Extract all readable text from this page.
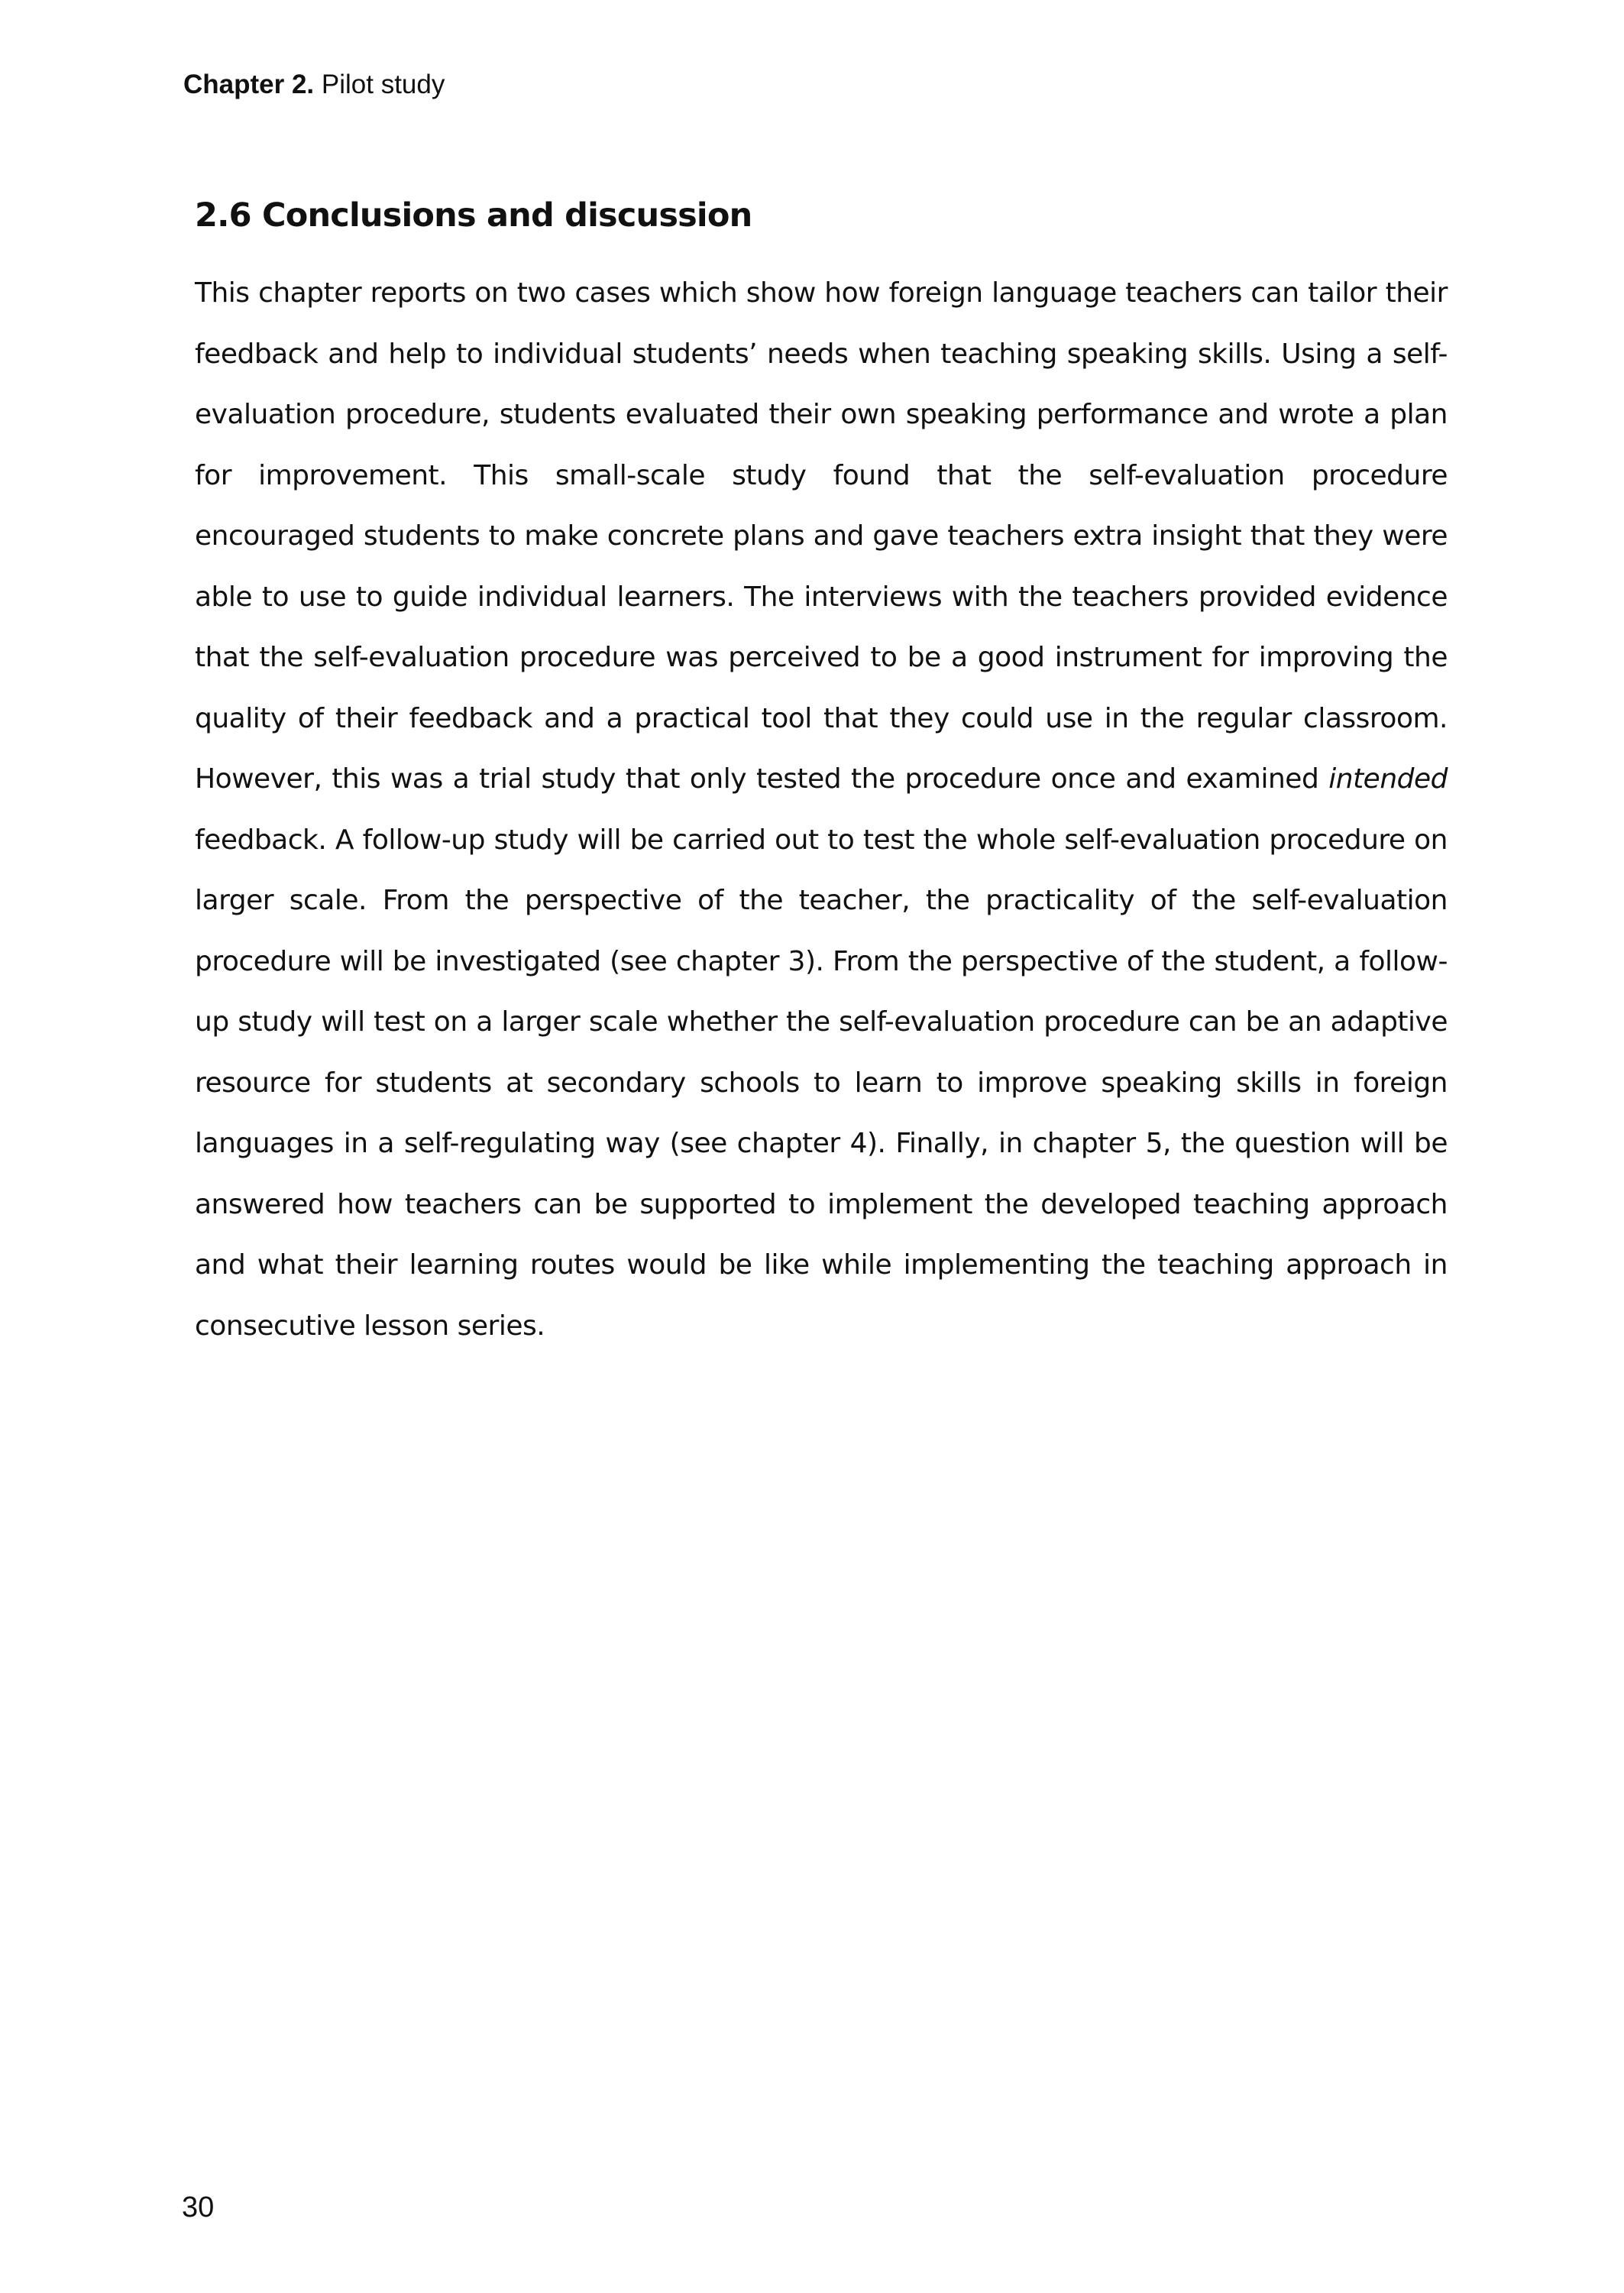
Chapter 2. Pilot study
2.6 Conclusions and discussion

This chapter reports on two cases which show how foreign language teachers can tailor their feedback and help to individual students’ needs when teaching speaking skills. Using a self-evaluation procedure, students evaluated their own speaking performance and wrote a plan for improvement. This small-scale study found that the self-evaluation procedure encouraged students to make concrete plans and gave teachers extra insight that they were able to use to guide individual learners. The interviews with the teachers provided evidence that the self-evaluation procedure was perceived to be a good instrument for improving the quality of their feedback and a practical tool that they could use in the regular classroom. However, this was a trial study that only tested the procedure once and examined intended feedback. A follow-up study will be carried out to test the whole self-evaluation procedure on larger scale. From the perspective of the teacher, the practicality of the self-evaluation procedure will be investigated (see chapter 3). From the perspective of the student, a follow-up study will test on a larger scale whether the self-evaluation procedure can be an adaptive resource for students at secondary schools to learn to improve speaking skills in foreign languages in a self-regulating way (see chapter 4). Finally, in chapter 5, the question will be answered how teachers can be supported to implement the developed teaching approach and what their learning routes would be like while implementing the teaching approach in consecutive lesson series.

30
